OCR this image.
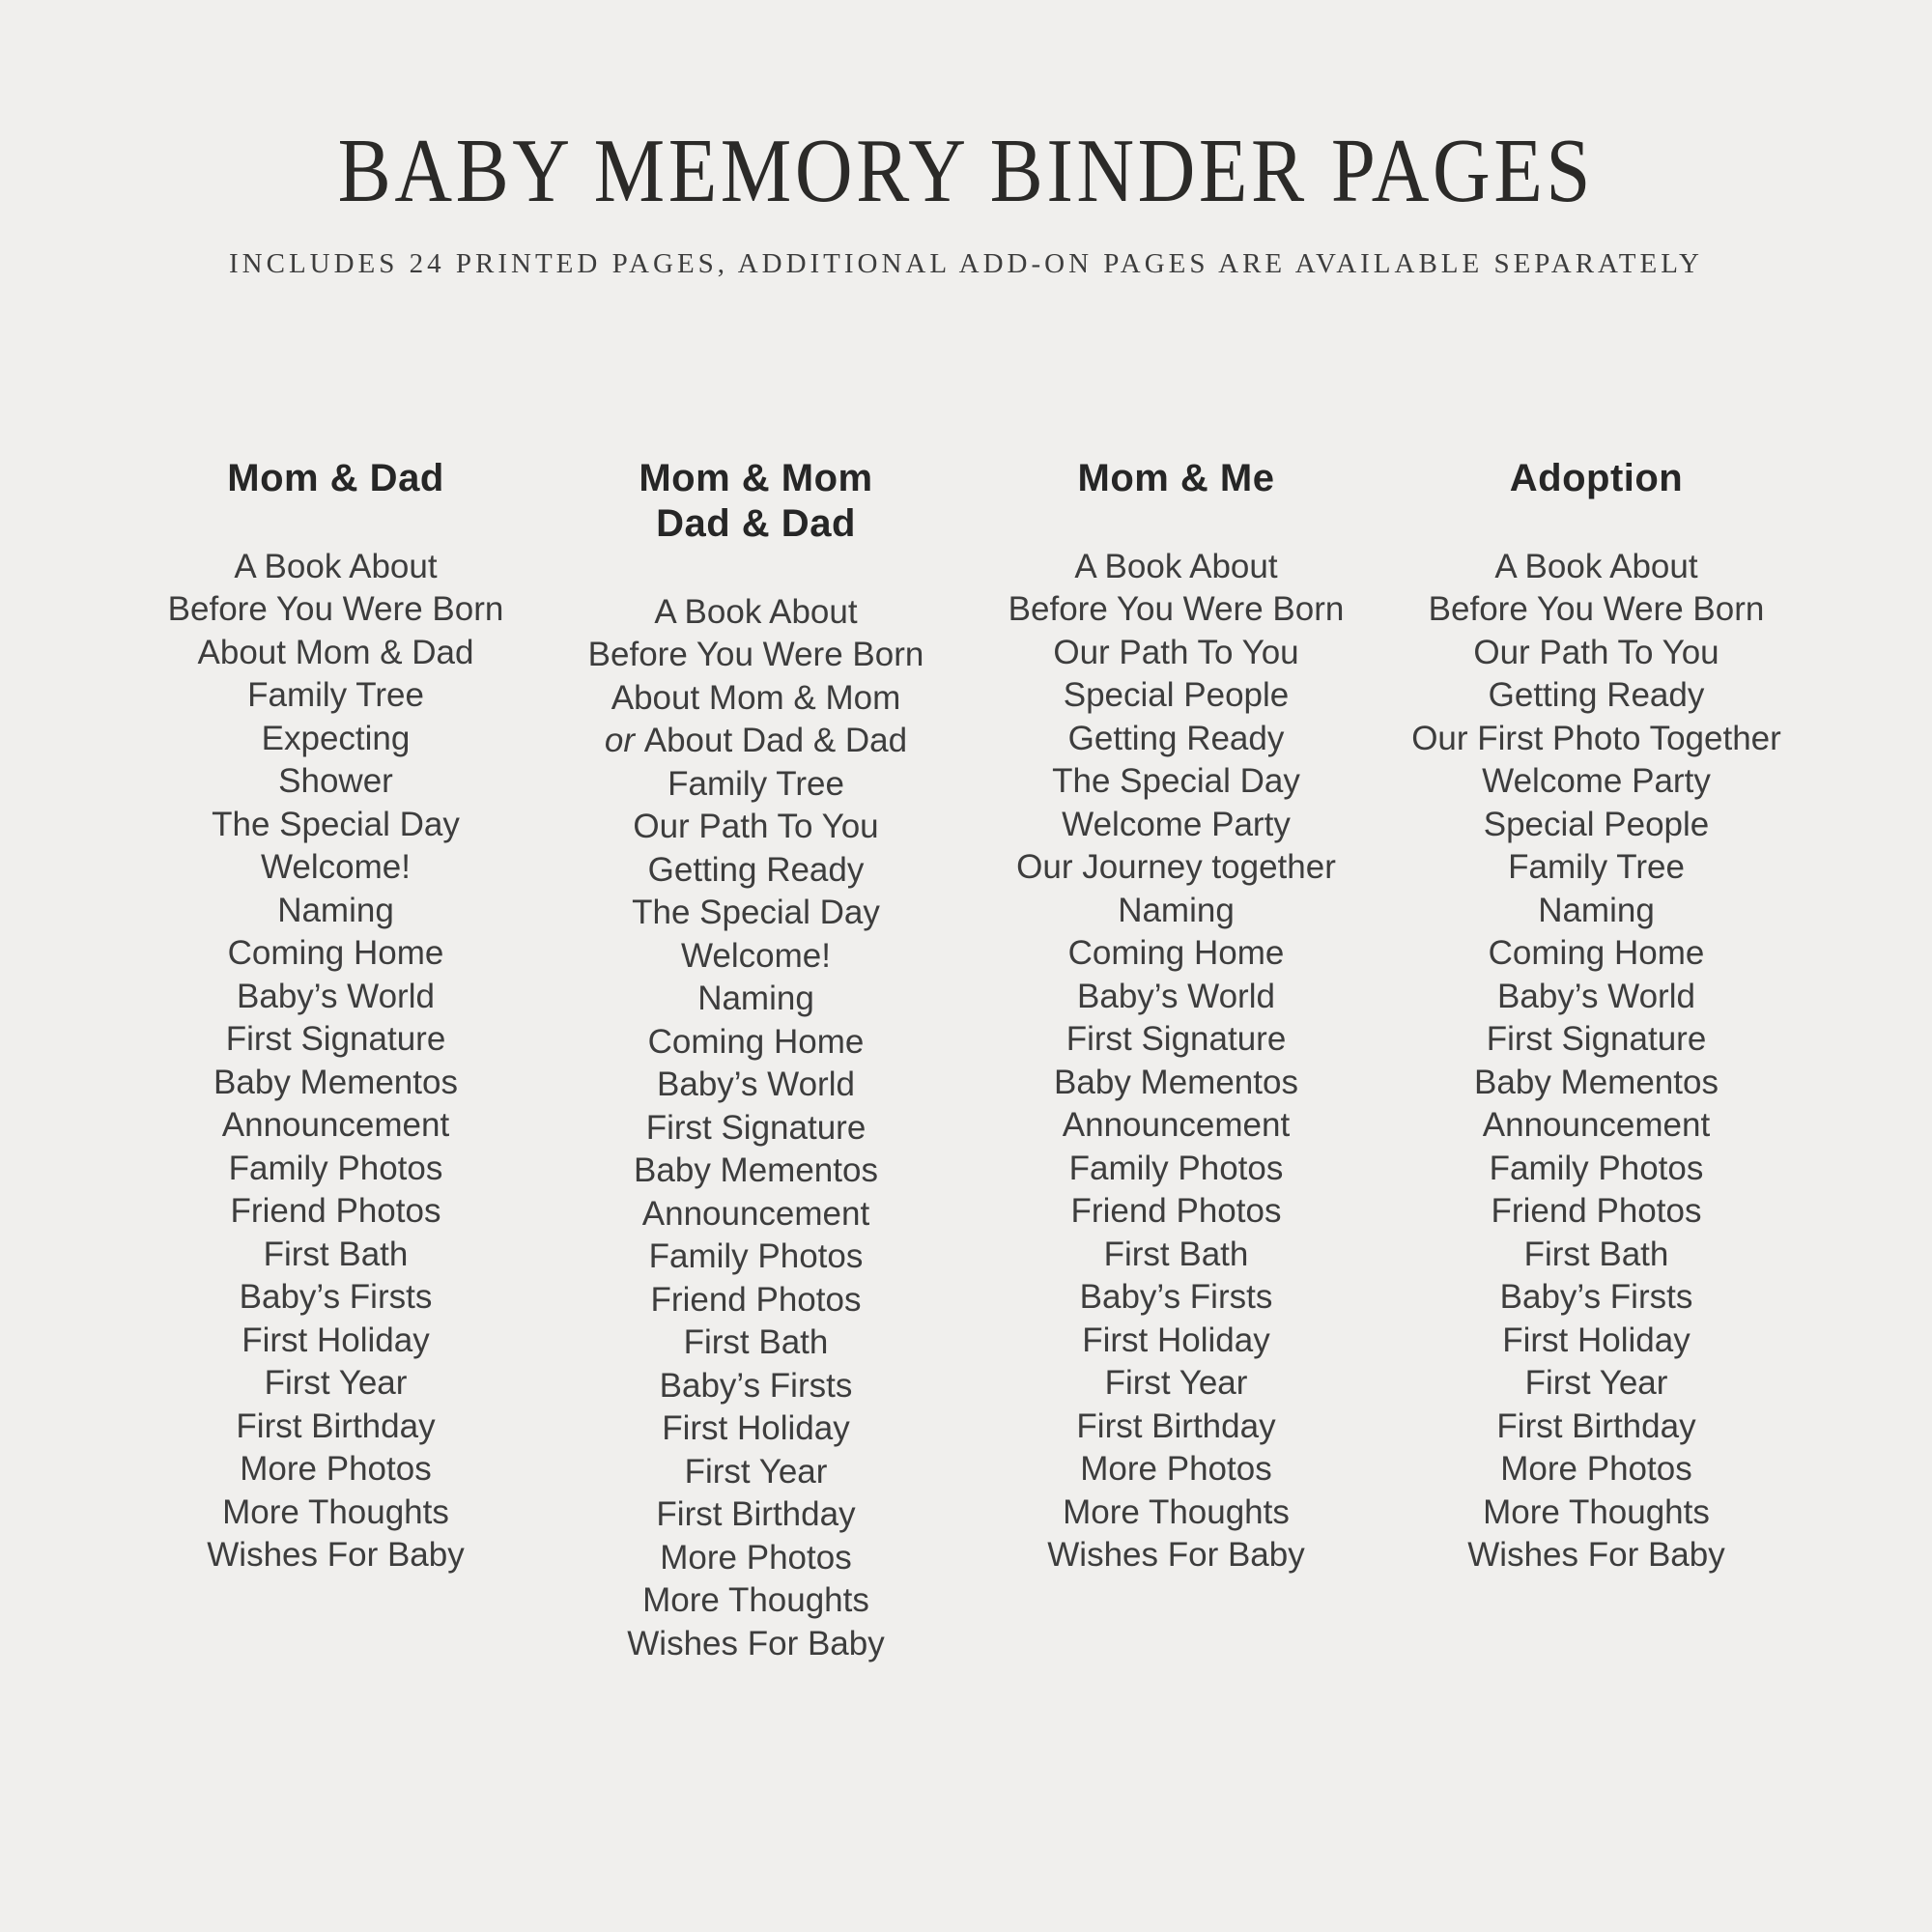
BABY MEMORY BINDER PAGES
INCLUDES 24 PRINTED PAGES, ADDITIONAL ADD-ON PAGES ARE AVAILABLE SEPARATELY
Mom & Dad
A Book About
Before You Were Born
About Mom & Dad
Family Tree
Expecting
Shower
The Special Day
Welcome!
Naming
Coming Home
Baby’s World
First Signature
Baby Mementos
Announcement
Family Photos
Friend Photos
First Bath
Baby’s Firsts
First Holiday
First Year
First Birthday
More Photos
More Thoughts
Wishes For Baby
Mom & Mom
Dad & Dad
A Book About
Before You Were Born
About Mom & Mom
or About Dad & Dad
Family Tree
Our Path To You
Getting Ready
The Special Day
Welcome!
Naming
Coming Home
Baby’s World
First Signature
Baby Mementos
Announcement
Family Photos
Friend Photos
First Bath
Baby’s Firsts
First Holiday
First Year
First Birthday
More Photos
More Thoughts
Wishes For Baby
Mom & Me
A Book About
Before You Were Born
Our Path To You
Special People
Getting Ready
The Special Day
Welcome Party
Our Journey together
Naming
Coming Home
Baby’s World
First Signature
Baby Mementos
Announcement
Family Photos
Friend Photos
First Bath
Baby’s Firsts
First Holiday
First Year
First Birthday
More Photos
More Thoughts
Wishes For Baby
Adoption
A Book About
Before You Were Born
Our Path To You
Getting Ready
Our First Photo Together
Welcome Party
Special People
Family Tree
Naming
Coming Home
Baby’s World
First Signature
Baby Mementos
Announcement
Family Photos
Friend Photos
First Bath
Baby’s Firsts
First Holiday
First Year
First Birthday
More Photos
More Thoughts
Wishes For Baby
